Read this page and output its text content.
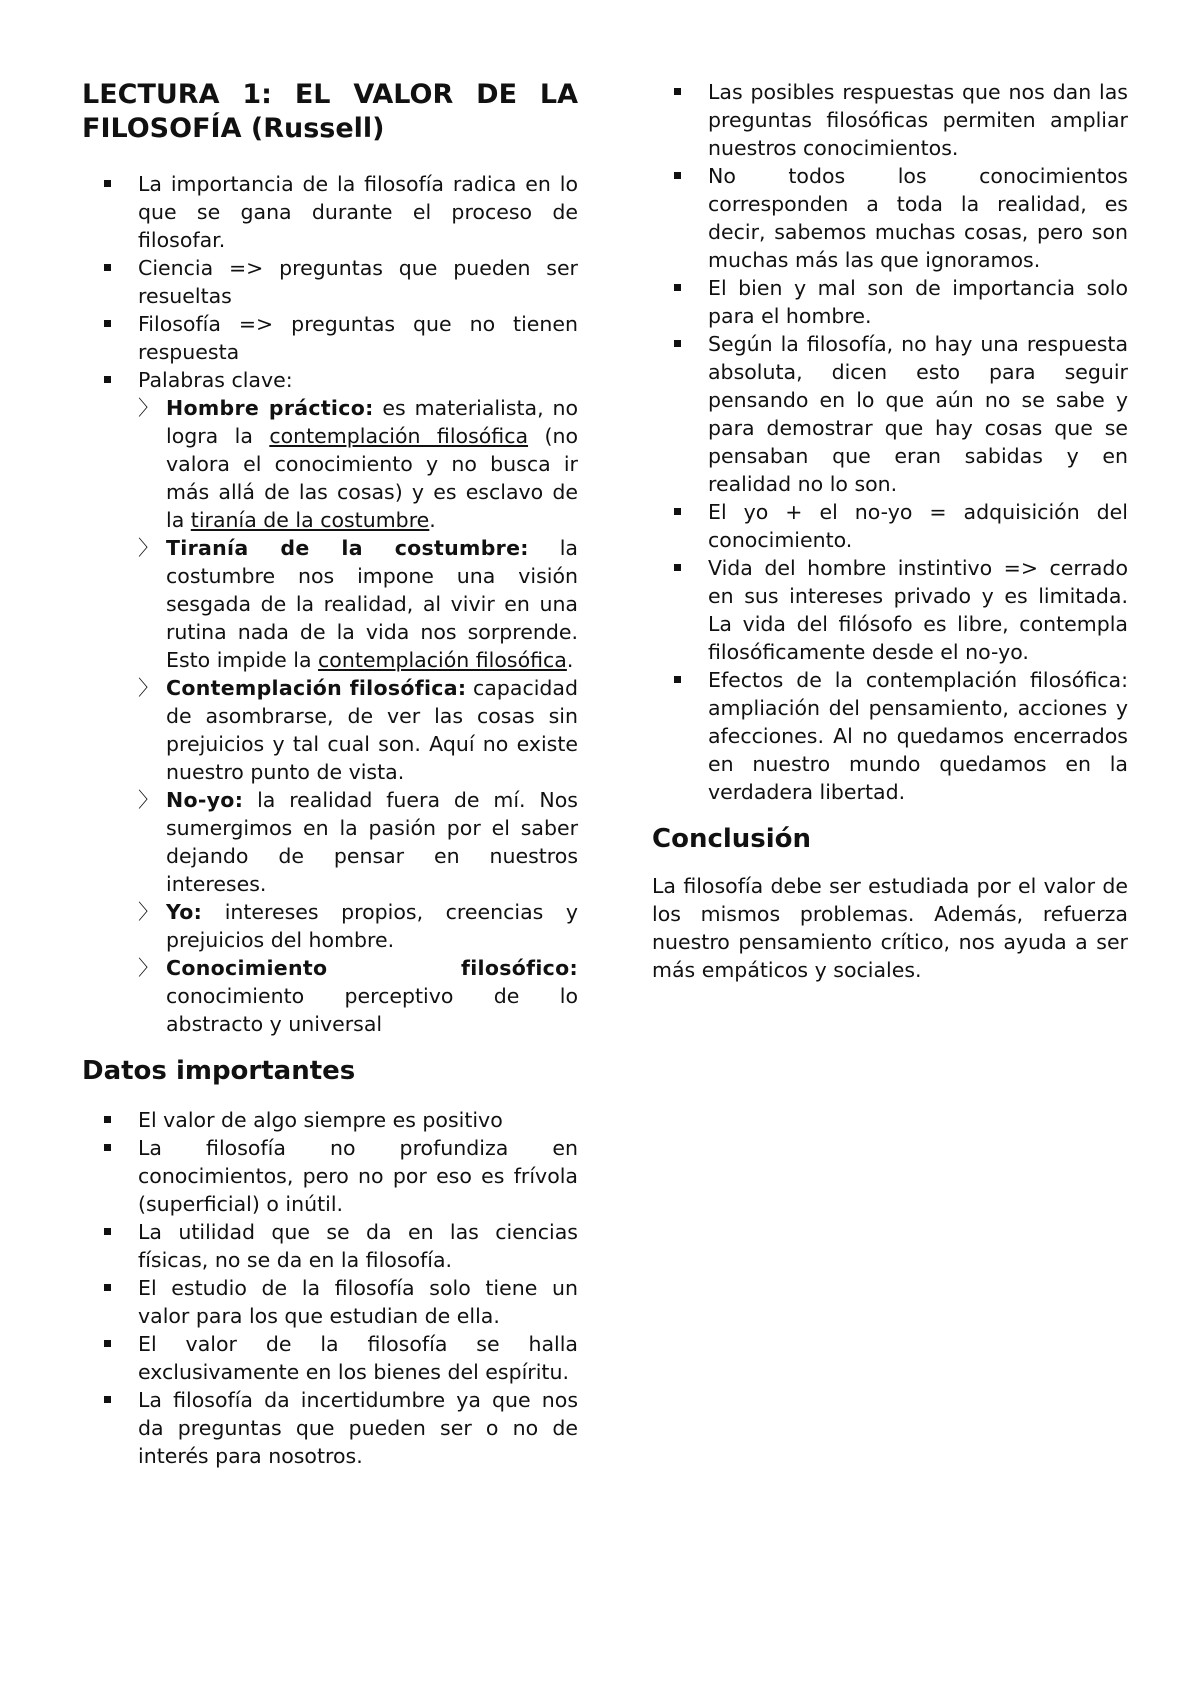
LECTURA 1: EL VALOR DE LA FILOSOFÍA (Russell)
La importancia de la filosofía radica en lo que se gana durante el proceso de filosofar.
Ciencia => preguntas que pueden ser resueltas
Filosofía => preguntas que no tienen respuesta
Palabras clave:
〉 Hombre práctico: es materialista, no logra la contemplación filosófica (no valora el conocimiento y no busca ir más allá de las cosas) y es esclavo de la tiranía de la costumbre.
〉 Tiranía de la costumbre: la costumbre nos impone una visión sesgada de la realidad, al vivir en una rutina nada de la vida nos sorprende. Esto impide la contemplación filosófica.
〉 Contemplación filosófica: capacidad de asombrarse, de ver las cosas sin prejuicios y tal cual son. Aquí no existe nuestro punto de vista.
〉 No-yo: la realidad fuera de mí. Nos sumergimos en la pasión por el saber dejando de pensar en nuestros intereses.
〉 Yo: intereses propios, creencias y prejuicios del hombre.
〉 Conocimiento filosófico: conocimiento perceptivo de lo abstracto y universal
Datos importantes
El valor de algo siempre es positivo
La filosofía no profundiza en conocimientos, pero no por eso es frívola (superficial) o inútil.
La utilidad que se da en las ciencias físicas, no se da en la filosofía.
El estudio de la filosofía solo tiene un valor para los que estudian de ella.
El valor de la filosofía se halla exclusivamente en los bienes del espíritu.
La filosofía da incertidumbre ya que nos da preguntas que pueden ser o no de interés para nosotros.
Las posibles respuestas que nos dan las preguntas filosóficas permiten ampliar nuestros conocimientos.
No todos los conocimientos corresponden a toda la realidad, es decir, sabemos muchas cosas, pero son muchas más las que ignoramos.
El bien y mal son de importancia solo para el hombre.
Según la filosofía, no hay una respuesta absoluta, dicen esto para seguir pensando en lo que aún no se sabe y para demostrar que hay cosas que se pensaban que eran sabidas y en realidad no lo son.
El yo + el no-yo = adquisición del conocimiento.
Vida del hombre instintivo => cerrado en sus intereses privado y es limitada. La vida del filósofo es libre, contempla filosóficamente desde el no-yo.
Efectos de la contemplación filosófica: ampliación del pensamiento, acciones y afecciones. Al no quedamos encerrados en nuestro mundo quedamos en la verdadera libertad.
Conclusión

La filosofía debe ser estudiada por el valor de los mismos problemas. Además, refuerza nuestro pensamiento crítico, nos ayuda a ser más empáticos y sociales.
